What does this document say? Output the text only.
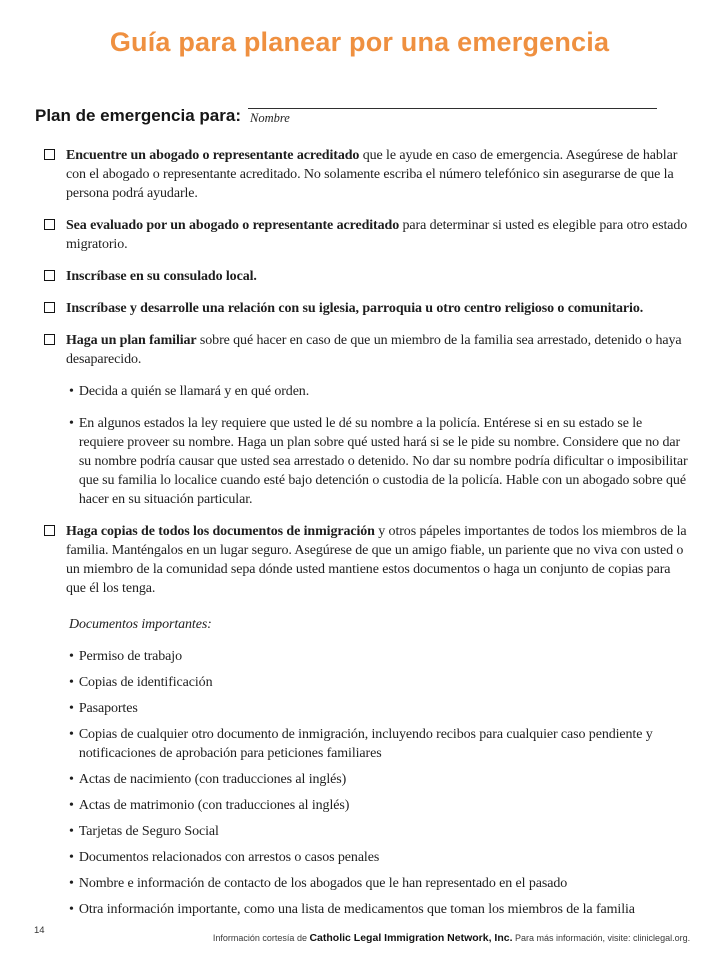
Guía para planear por una emergencia
Plan de emergencia para: Nombre
Encuentre un abogado o representante acreditado que le ayude en caso de emergencia. Asegúrese de hablar con el abogado o representante acreditado. No solamente escriba el número telefónico sin asegurarse de que la persona podrá ayudarle.
Sea evaluado por un abogado o representante acreditado para determinar si usted es elegible para otro estado migratorio.
Inscríbase en su consulado local.
Inscríbase y desarrolle una relación con su iglesia, parroquia u otro centro religioso o comunitario.
Haga un plan familiar sobre qué hacer en caso de que un miembro de la familia sea arrestado, detenido o haya desaparecido.
• Decida a quién se llamará y en qué orden.
• En algunos estados la ley requiere que usted le dé su nombre a la policía. Entérese si en su estado se le requiere proveer su nombre. Haga un plan sobre qué usted hará si se le pide su nombre. Considere que no dar su nombre podría causar que usted sea arrestado o detenido. No dar su nombre podría dificultar o imposibilitar que su familia lo localice cuando esté bajo detención o custodia de la policía. Hable con un abogado sobre qué hacer en su situación particular.
Haga copias de todos los documentos de inmigración y otros pápeles importantes de todos los miembros de la familia. Manténgalos en un lugar seguro. Asegúrese de que un amigo fiable, un pariente que no viva con usted o un miembro de la comunidad sepa dónde usted mantiene estos documentos o haga un conjunto de copias para que él los tenga.
Documentos importantes:
• Permiso de trabajo
• Copias de identificación
• Pasaportes
• Copias de cualquier otro documento de inmigración, incluyendo recibos para cualquier caso pendiente y notificaciones de aprobación para peticiones familiares
• Actas de nacimiento (con traducciones al inglés)
• Actas de matrimonio (con traducciones al inglés)
• Tarjetas de Seguro Social
• Documentos relacionados con arrestos o casos penales
• Nombre e información de contacto de los abogados que le han representado en el pasado
• Otra información importante, como una lista de medicamentos que toman los miembros de la familia
14
Información cortesía de Catholic Legal Immigration Network, Inc. Para más información, visite: cliniclegal.org.
